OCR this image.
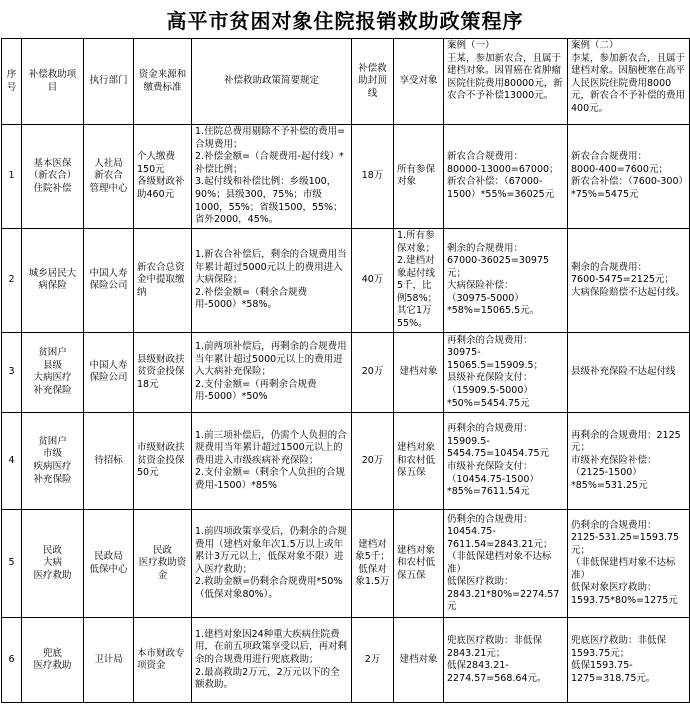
高平市贫困对象住院报销救助政策程序
序号	补偿救助项目	执行部门	资金来源和缴费标准	补偿救助政策简要规定	补偿救助封顶线	享受对象	案例（一）
王某，参加新农合，且属于建档对象。因胃癌在省肿瘤医院住院费用80000元，新农合不予补偿13000元。	案例（二）
李某，参加新农合，且属于建档对象。因脑梗塞在高平人民医院住院费用8000元，新农合不予补偿的费用400元。
1	基本医保
（新农合）
住院补偿	人社局
新农合
管理中心	个人缴费150元
各级财政补助460元	1.住院总费用剔除不予补偿的费用=合规费用；
2.补偿金额=（合规费用-起付线）*补偿比例；
3.起付线和补偿比例：乡级100，90%；县级300，75%；市级1000，55%；省级1500，55%；省外2000，45%。	18万	所有参保对象	新农合合规费用：
80000-13000=67000；
新农合补偿：（67000-1500）*55%=36025元	新农合合规费用：
8000-400=7600元；
新农合补偿：（7600-300）*75%=5475元
2	城乡居民大病保险	中国人寿保险公司	新农合总资金中提取缴纳	1.新农合补偿后，剩余的合规费用当年累计超过5000元以上的费用进入大病保险；
2.补偿金额=（剩余合规费用-5000）*58%。	40万	1.所有参保对象；
2.建档对象起付线5千，比例58%；其它1万55%。	剩余的合规费用：
67000-36025=30975元；
大病保险补偿：
（30975-5000）*58%=15065.5元。	剩余的合规费用：
7600-5475=2125元；
大病保险赔偿不达起付线。
3	贫困户
县级
大病医疗
补充保险	中国人寿保险公司	县级财政扶贫资金投保18元	1.前两项补偿后，再剩余的合规费用当年累计超过5000元以上的费用进入大病补充保险；
2.支付金额=（再剩余合规费用-5000）*50%	20万	建档对象	再剩余的合规费用：
30975-15065.5=15909.5；
县级补充保险支付：
（15909.5-5000）*50%=5454.75元	县级补充保险不达起付线
4	贫困户
市级
疾病医疗
补充保险	待招标	市级财政扶贫资金投保50元	1.前三项补偿后，仍需个人负担的合规费用当年累计超过1500元以上的费用进入市级疾病补充保险；
2.支付金额=（剩余个人负担的合规费用-1500）*85%	20万	建档对象和农村低保五保	再剩余的合规费用：
15909.5-5454.75=10454.75元
市级补充保险支付：
（10454.75-1500）*85%=7611.54元	再剩余的合规费用：2125元；
市级补充保险补偿：
（2125-1500）*85%=531.25元
5	民政
大病
医疗救助	民政局
低保中心	民政
医疗救助资金	1.前四项政策享受后，仍剩余的合规费用（建档对象年次1.5万以上或年累计3万元以上，低保对象不限）进入医疗救助；
2.救助金额=仍剩余合规费用*50%（低保对象80%）。	建档对象5千；低保对象1.5万	建档对象和农村低保五保	仍剩余的合规费用：
10454.75-7611.54=2843.21元；
（非低保建档对象不达标准）
低保医疗救助：
2843.21*80%=2274.57元	仍剩余的合规费用：
2125-531.25=1593.75元；
（非低保建档对象不达标准）
低保对象医疗救助：
1593.75*80%=1275元
6	兜底
医疗救助	卫计局	本市财政专项资金	1.建档对象因24种重大疾病住院费用，在前五项政策享受以后，再对剩余的合规费用进行兜底救助；
2.最高救助2万元，2万元以下的全额救助。	2万	建档对象	兜底医疗救助：非低保2843.21元；
低保2843.21-2274.57=568.64元。	兜底医疗救助：非低保1593.75元；
低保1593.75-1275=318.75元。
